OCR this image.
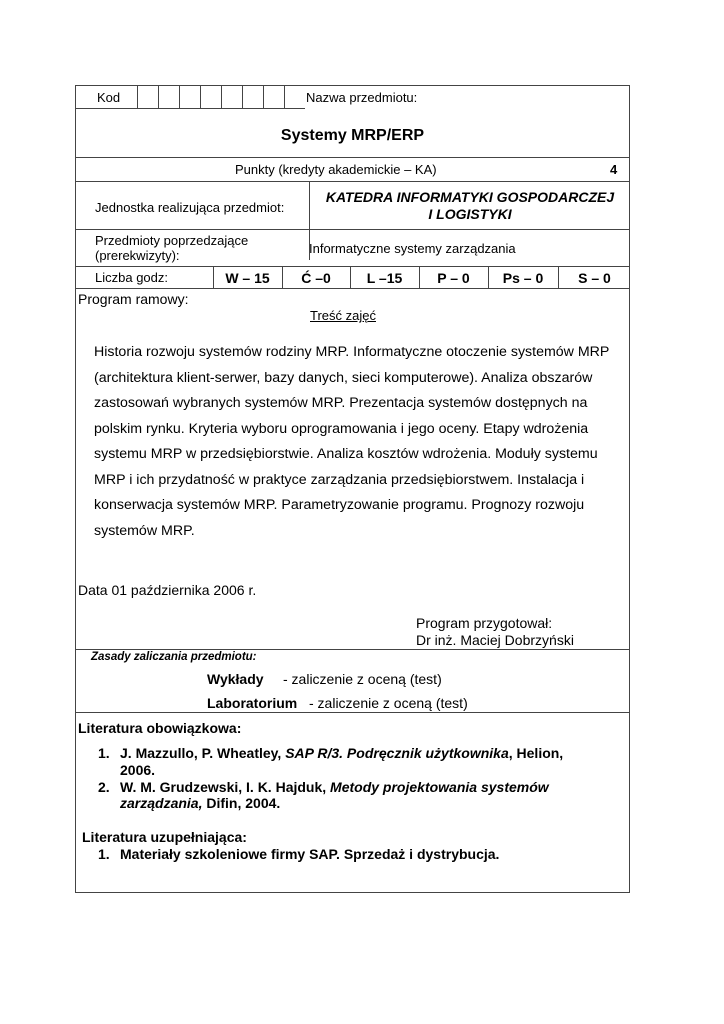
Kod	Nazwa przedmiotu:
Systemy MRP/ERP
Punkty (kredyty akademickie – KA)	4
Jednostka realizująca przedmiot:
KATEDRA INFORMATYKI GOSPODARCZEJ
I LOGISTYKI
Przedmioty poprzedzające
(prerekwizyty):	Informatyczne systemy zarządzania
Liczba godz:	W – 15	Ć –0	L –15	P – 0	Ps – 0	S – 0
Program ramowy:
Treść zajęć

Historia rozwoju systemów rodziny MRP. Informatyczne otoczenie systemów MRP

(architektura klient-serwer, bazy danych, sieci komputerowe). Analiza obszarów

zastosowań wybranych systemów MRP. Prezentacja systemów dostępnych na

polskim rynku. Kryteria wyboru oprogramowania i jego oceny. Etapy wdrożenia

systemu MRP w przedsiębiorstwie. Analiza kosztów wdrożenia. Moduły systemu

MRP i ich przydatność w praktyce zarządzania przedsiębiorstwem. Instalacja i

konserwacja systemów MRP. Parametryzowanie programu. Prognozy rozwoju

systemów MRP.

Data 01 października 2006 r.
Program przygotował:
Dr inż. Maciej Dobrzyński
Zasady zaliczania przedmiotu:
Wykłady - zaliczenie z oceną (test)
Laboratorium - zaliczenie z oceną (test)
Literatura obowiązkowa:
1. J. Mazzullo, P. Wheatley, SAP R/3. Podręcznik użytkownika, Helion,
2006.
2. W. M. Grudzewski, I. K. Hajduk, Metody projektowania systemów
zarządzania, Difin, 2004.
Literatura uzupełniająca:
1. Materiały szkoleniowe firmy SAP. Sprzedaż i dystrybucja.
